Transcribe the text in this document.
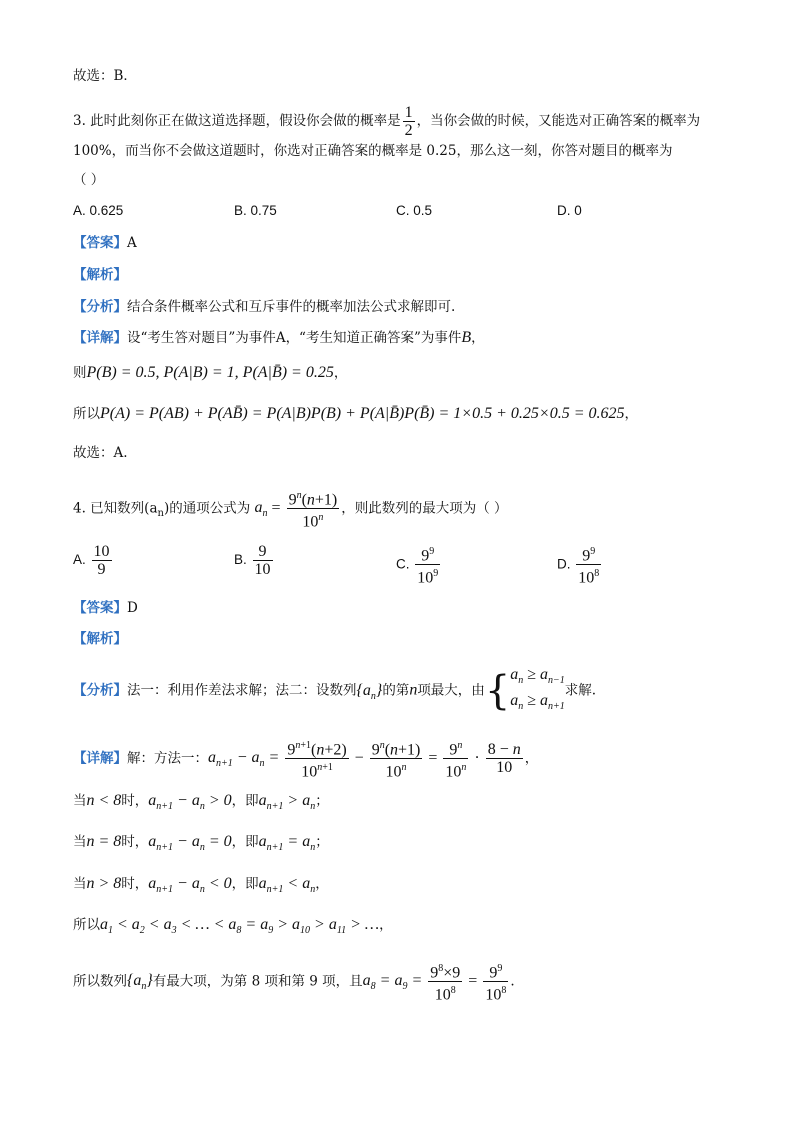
故选：B．
3. 此时此刻你正在做这道选择题，假设你会做的概率是 $\frac{1}{2}$ ，当你会做的时候，又能选对正确答案的概率为
100%，而当你不会做这道题时，你选对正确答案的概率是 0.25，那么这一刻，你答对题目的概率为
（ ）
A. 0.625	B. 0.75	C. 0.5	D. 0
【答案】A
【解析】
【分析】结合条件概率公式和互斥事件的概率加法公式求解即可.
【详解】设“考生答对题目”为事件A，“考生知道正确答案”为事件B，
则P(B) = 0.5, P(A|B) = 1, P(A|B̄) = 0.25，
所以P(A) = P(AB) + P(AB̄) = P(A|B)P(B) + P(A|B̄)P(B̄) = 1×0.5 + 0.25×0.5 = 0.625，
故选：A.
4. 已知数列$(a_n)$的通项公式为 $a_n = \frac{9^n(n+1)}{10^n}$ ，则此数列的最大项为（ ）
A. $\frac{10}{9}$	B. $\frac{9}{10}$	C. $\frac{9^9}{10^9}$	D. $\frac{9^9}{10^8}$
【答案】D
【解析】
【分析】法一：利用作差法求解；法二：设数列$\{a_n\}$的第n项最大，由{$a_n \ge a_{n-1}$
$a_n \ge a_{n+1}$求解.
【详解】解：方法一：$a_{n+1} - a_n = \frac{9^{n+1}(n+2)}{10^{n+1}} - \frac{9^n(n+1)}{10^n} = \frac{9^n}{10^n} \cdot \frac{8 - n}{10}$ ，
当n < 8时，$a_{n+1} - a_n > 0$，即$a_{n+1} > a_n$；
当n = 8时，$a_{n+1} - a_n = 0$，即$a_{n+1} = a_n$；
当n > 8时，$a_{n+1} - a_n < 0$，即$a_{n+1} < a_n$，
所以$a_1 < a_2 < a_3$ < … < $a_8 = a_9 > a_{10} > a_{11}$ > …，
所以数列$\{a_n\}$有最大项，为第 8 项和第 9 项，且$a_8 = a_9 = \frac{9^8\times 9}{10^8} = \frac{9^9}{10^8}$ .
